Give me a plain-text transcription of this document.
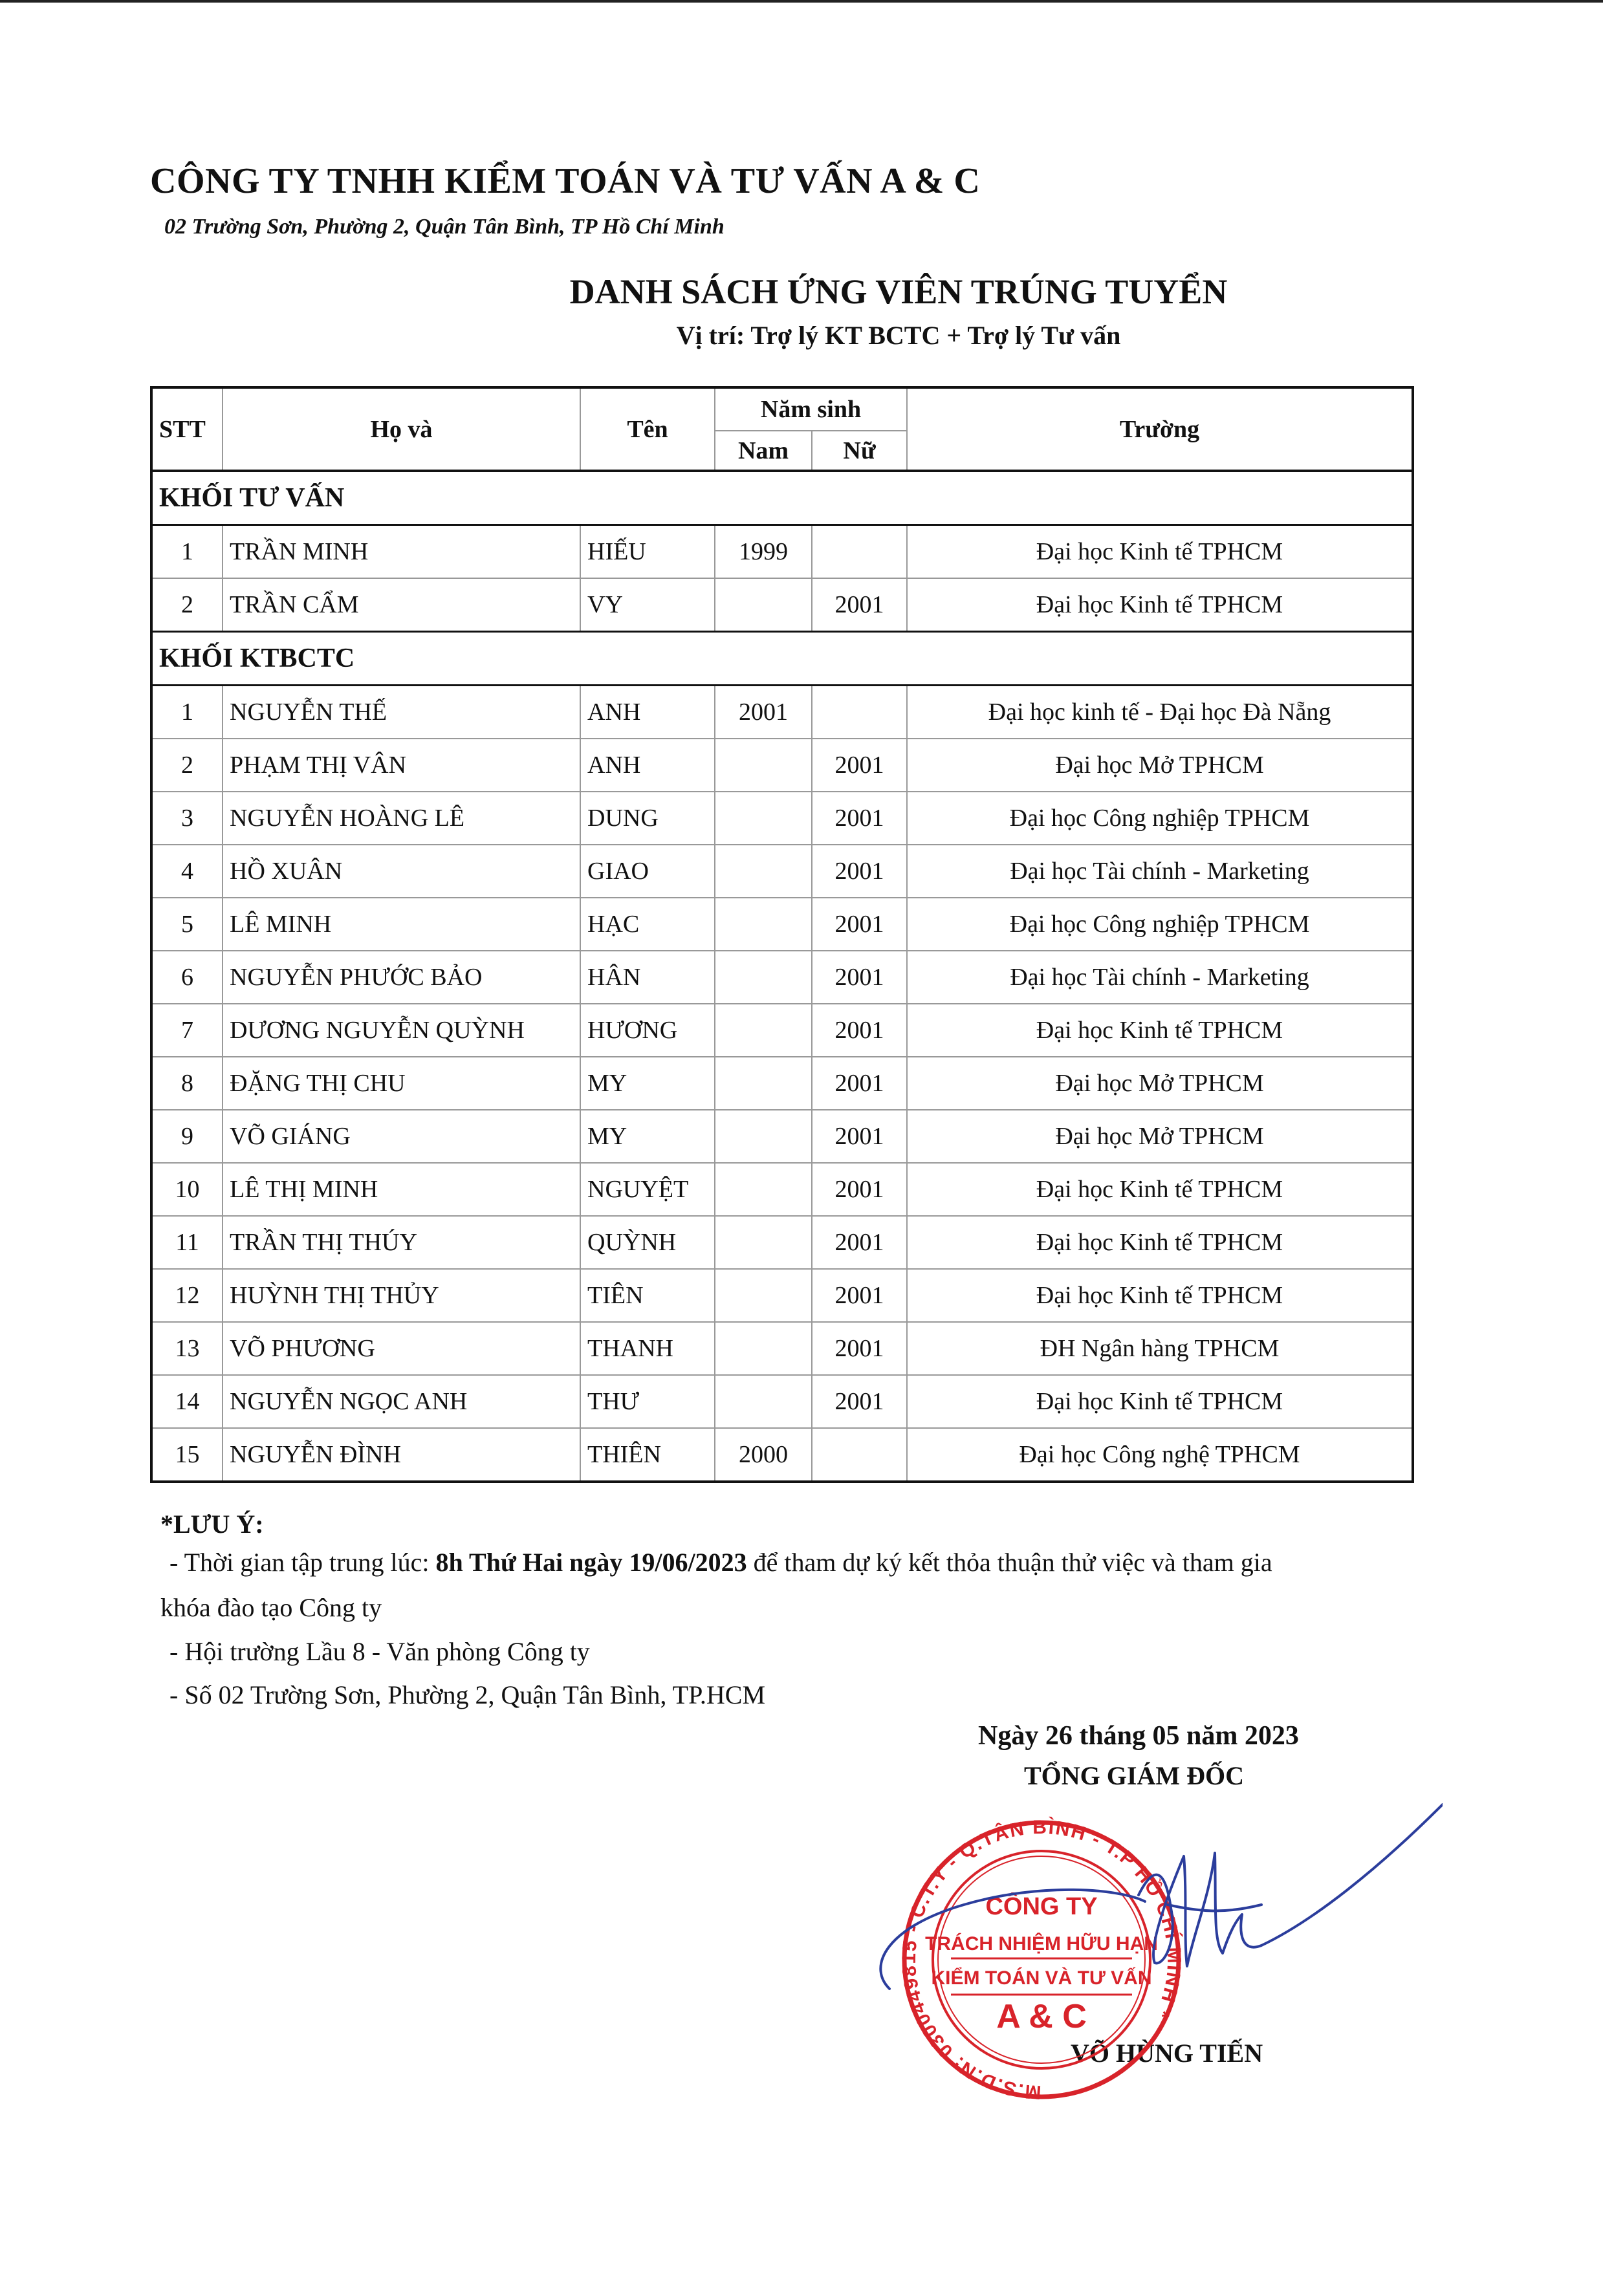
CÔNG TY TNHH KIỂM TOÁN VÀ TƯ VẤN A & C
02 Trường Sơn, Phường 2, Quận Tân Bình, TP Hồ Chí Minh
DANH SÁCH ỨNG VIÊN TRÚNG TUYỂN
Vị trí: Trợ lý KT BCTC + Trợ lý Tư vấn
STT	Họ và	Tên	Năm sinh		Trường
			Nam	Nữ	
KHỐI TƯ VẤN					
1	TRẦN MINH	HIẾU	1999		Đại học Kinh tế TPHCM
2	TRẦN CẨM	VY		2001	Đại học Kinh tế TPHCM
KHỐI KTBCTC					
1	NGUYỄN THẾ	ANH	2001		Đại học kinh tế - Đại học Đà Nẵng
2	PHẠM THỊ VÂN	ANH		2001	Đại học Mở TPHCM
3	NGUYỄN HOÀNG LÊ	DUNG		2001	Đại học Công nghiệp TPHCM
4	HỒ XUÂN	GIAO		2001	Đại học Tài chính - Marketing
5	LÊ MINH	HẠC		2001	Đại học Công nghiệp TPHCM
6	NGUYỄN PHƯỚC BẢO	HÂN		2001	Đại học Tài chính - Marketing
7	DƯƠNG NGUYỄN QUỲNH	HƯƠNG		2001	Đại học Kinh tế TPHCM
8	ĐẶNG THỊ CHU	MY		2001	Đại học Mở TPHCM
9	VÕ GIÁNG	MY		2001	Đại học Mở TPHCM
10	LÊ THỊ MINH	NGUYỆT		2001	Đại học Kinh tế TPHCM
11	TRẦN THỊ THÚY	QUỲNH		2001	Đại học Kinh tế TPHCM
12	HUỲNH THỊ THỦY	TIÊN		2001	Đại học Kinh tế TPHCM
13	VÕ PHƯƠNG	THANH		2001	ĐH Ngân hàng TPHCM
14	NGUYỄN NGỌC ANH	THƯ		2001	Đại học Kinh tế TPHCM
15	NGUYỄN ĐÌNH	THIÊN	2000		Đại học Công nghệ TPHCM
*LƯU Ý:
- Thời gian tập trung lúc: 8h Thứ Hai ngày 19/06/2023 để tham dự ký kết thỏa thuận thử việc và tham gia
khóa đào tạo Công ty
- Hội trường Lầu 8 - Văn phòng Công ty
- Số 02 Trường Sơn, Phường 2, Quận Tân Bình, TP.HCM
Ngày 26 tháng 05 năm 2023
TỔNG GIÁM ĐỐC
VÕ HÙNG TIẾN
M.S.D.N: 0300449815 - C.T.Y - Q.TÂN BÌNH - T.P HỒ CHÍ MINH *
CÔNG TY
TRÁCH NHIỆM HỮU HẠN
KIỂM TOÁN VÀ TƯ VẤN
A & C
